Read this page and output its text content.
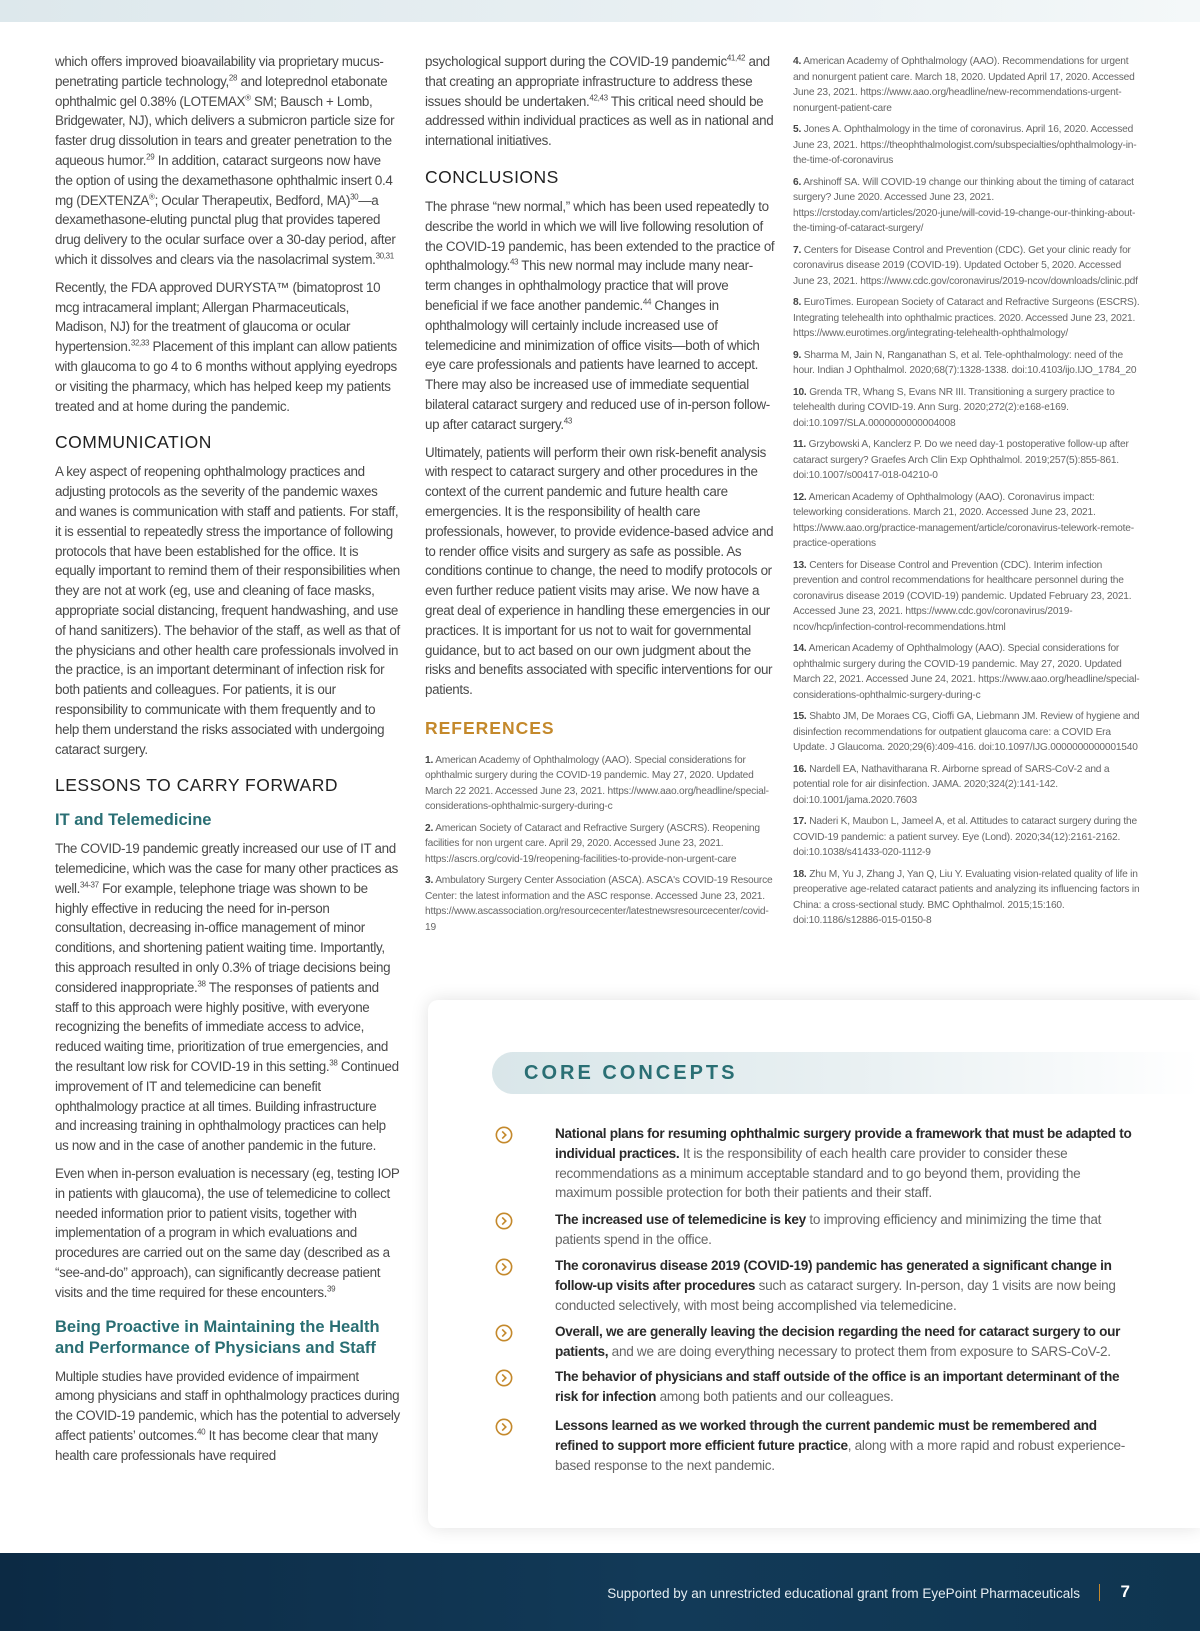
which offers improved bioavailability via proprietary mucus-penetrating particle technology,$^{28}$ and loteprednol etabonate ophthalmic gel 0.38% (LOTEMAX® SM; Bausch + Lomb, Bridgewater, NJ), which delivers a submicron particle size for faster drug dissolution in tears and greater penetration to the aqueous humor.$^{29}$ In addition, cataract surgeons now have the option of using the dexamethasone ophthalmic insert 0.4 mg (DEXTENZA®; Ocular Therapeutix, Bedford, MA)$^{30}$—a dexamethasone-eluting punctal plug that provides tapered drug delivery to the ocular surface over a 30-day period, after which it dissolves and clears via the nasolacrimal system.$^{30,31}$

Recently, the FDA approved DURYSTA™ (bimatoprost 10 mcg intracameral implant; Allergan Pharmaceuticals, Madison, NJ) for the treatment of glaucoma or ocular hypertension.$^{32,33}$ Placement of this implant can allow patients with glaucoma to go 4 to 6 months without applying eyedrops or visiting the pharmacy, which has helped keep my patients treated and at home during the pandemic.

COMMUNICATION

A key aspect of reopening ophthalmology practices and adjusting protocols as the severity of the pandemic waxes and wanes is communication with staff and patients. For staff, it is essential to repeatedly stress the importance of following protocols that have been established for the office. It is equally important to remind them of their responsibilities when they are not at work (eg, use and cleaning of face masks, appropriate social distancing, frequent handwashing, and use of hand sanitizers). The behavior of the staff, as well as that of the physicians and other health care professionals involved in the practice, is an important determinant of infection risk for both patients and colleagues. For patients, it is our responsibility to communicate with them frequently and to help them understand the risks associated with undergoing cataract surgery.

LESSONS TO CARRY FORWARD
IT and Telemedicine

The COVID-19 pandemic greatly increased our use of IT and telemedicine, which was the case for many other practices as well.$^{34-37}$ For example, telephone triage was shown to be highly effective in reducing the need for in-person consultation, decreasing in-office management of minor conditions, and shortening patient waiting time. Importantly, this approach resulted in only 0.3% of triage decisions being considered inappropriate.$^{38}$ The responses of patients and staff to this approach were highly positive, with everyone recognizing the benefits of immediate access to advice, reduced waiting time, prioritization of true emergencies, and the resultant low risk for COVID-19 in this setting.$^{38}$ Continued improvement of IT and telemedicine can benefit ophthalmology practice at all times. Building infrastructure and increasing training in ophthalmology practices can help us now and in the case of another pandemic in the future.

Even when in-person evaluation is necessary (eg, testing IOP in patients with glaucoma), the use of telemedicine to collect needed information prior to patient visits, together with implementation of a program in which evaluations and procedures are carried out on the same day (described as a “see-and-do” approach), can significantly decrease patient visits and the time required for these encounters.$^{39}$

Being Proactive in Maintaining the Health and Performance of Physicians and Staff

Multiple studies have provided evidence of impairment among physicians and staff in ophthalmology practices during the COVID-19 pandemic, which has the potential to adversely affect patients’ outcomes.$^{40}$ It has become clear that many health care professionals have required

psychological support during the COVID-19 pandemic$^{41,42}$ and that creating an appropriate infrastructure to address these issues should be undertaken.$^{42,43}$ This critical need should be addressed within individual practices as well as in national and international initiatives.

CONCLUSIONS

The phrase “new normal,” which has been used repeatedly to describe the world in which we will live following resolution of the COVID-19 pandemic, has been extended to the practice of ophthalmology.$^{43}$ This new normal may include many near-term changes in ophthalmology practice that will prove beneficial if we face another pandemic.$^{44}$ Changes in ophthalmology will certainly include increased use of telemedicine and minimization of office visits—both of which eye care professionals and patients have learned to accept. There may also be increased use of immediate sequential bilateral cataract surgery and reduced use of in-person follow-up after cataract surgery.$^{43}$

Ultimately, patients will perform their own risk-benefit analysis with respect to cataract surgery and other procedures in the context of the current pandemic and future health care emergencies. It is the responsibility of health care professionals, however, to provide evidence-based advice and to render office visits and surgery as safe as possible. As conditions continue to change, the need to modify protocols or even further reduce patient visits may arise. We now have a great deal of experience in handling these emergencies in our practices. It is important for us not to wait for governmental guidance, but to act based on our own judgment about the risks and benefits associated with specific interventions for our patients.

REFERENCES

1. American Academy of Ophthalmology (AAO). Special considerations for ophthalmic surgery during the COVID-19 pandemic. May 27, 2020. Updated March 22 2021. Accessed June 23, 2021. https://www.aao.org/headline/special-considerations-ophthalmic-surgery-during-c

2. American Society of Cataract and Refractive Surgery (ASCRS). Reopening facilities for non urgent care. April 29, 2020. Accessed June 23, 2021. https://ascrs.org/covid-19/reopening-facilities-to-provide-non-urgent-care

3. Ambulatory Surgery Center Association (ASCA). ASCA's COVID-19 Resource Center: the latest information and the ASC response. Accessed June 23, 2021. https://www.ascassociation.org/resourcecenter/latestnewsresourcecenter/covid-19

4. American Academy of Ophthalmology (AAO). Recommendations for urgent and nonurgent patient care. March 18, 2020. Updated April 17, 2020. Accessed June 23, 2021. https://www.aao.org/headline/new-recommendations-urgent-nonurgent-patient-care

5. Jones A. Ophthalmology in the time of coronavirus. April 16, 2020. Accessed June 23, 2021. https://theophthalmologist.com/subspecialties/ophthalmology-in-the-time-of-coronavirus

6. Arshinoff SA. Will COVID-19 change our thinking about the timing of cataract surgery? June 2020. Accessed June 23, 2021. https://crstoday.com/articles/2020-june/will-covid-19-change-our-thinking-about-the-timing-of-cataract-surgery/

7. Centers for Disease Control and Prevention (CDC). Get your clinic ready for coronavirus disease 2019 (COVID-19). Updated October 5, 2020. Accessed June 23, 2021. https://www.cdc.gov/coronavirus/2019-ncov/downloads/clinic.pdf

8. EuroTimes. European Society of Cataract and Refractive Surgeons (ESCRS). Integrating telehealth into ophthalmic practices. 2020. Accessed June 23, 2021. https://www.eurotimes.org/integrating-telehealth-ophthalmology/

9. Sharma M, Jain N, Ranganathan S, et al. Tele-ophthalmology: need of the hour. Indian J Ophthalmol. 2020;68(7):1328-1338. doi:10.4103/ijo.IJO_1784_20

10. Grenda TR, Whang S, Evans NR III. Transitioning a surgery practice to telehealth during COVID-19. Ann Surg. 2020;272(2):e168-e169. doi:10.1097/SLA.0000000000004008

11. Grzybowski A, Kanclerz P. Do we need day-1 postoperative follow-up after cataract surgery? Graefes Arch Clin Exp Ophthalmol. 2019;257(5):855-861. doi:10.1007/s00417-018-04210-0

12. American Academy of Ophthalmology (AAO). Coronavirus impact: teleworking considerations. March 21, 2020. Accessed June 23, 2021. https://www.aao.org/practice-management/article/coronavirus-telework-remote-practice-operations

13. Centers for Disease Control and Prevention (CDC). Interim infection prevention and control recommendations for healthcare personnel during the coronavirus disease 2019 (COVID-19) pandemic. Updated February 23, 2021. Accessed June 23, 2021. https://www.cdc.gov/coronavirus/2019-ncov/hcp/infection-control-recommendations.html

14. American Academy of Ophthalmology (AAO). Special considerations for ophthalmic surgery during the COVID-19 pandemic. May 27, 2020. Updated March 22, 2021. Accessed June 24, 2021. https://www.aao.org/headline/special-considerations-ophthalmic-surgery-during-c

15. Shabto JM, De Moraes CG, Cioffi GA, Liebmann JM. Review of hygiene and disinfection recommendations for outpatient glaucoma care: a COVID Era Update. J Glaucoma. 2020;29(6):409-416. doi:10.1097/IJG.0000000000001540

16. Nardell EA, Nathavitharana R. Airborne spread of SARS-CoV-2 and a potential role for air disinfection. JAMA. 2020;324(2):141-142. doi:10.1001/jama.2020.7603

17. Naderi K, Maubon L, Jameel A, et al. Attitudes to cataract surgery during the COVID-19 pandemic: a patient survey. Eye (Lond). 2020;34(12):2161-2162. doi:10.1038/s41433-020-1112-9

18. Zhu M, Yu J, Zhang J, Yan Q, Liu Y. Evaluating vision-related quality of life in preoperative age-related cataract patients and analyzing its influencing factors in China: a cross-sectional study. BMC Ophthalmol. 2015;15:160. doi:10.1186/s12886-015-0150-8

CORE CONCEPTS
National plans for resuming ophthalmic surgery provide a framework that must be adapted to individual practices. It is the responsibility of each health care provider to consider these recommendations as a minimum acceptable standard and to go beyond them, providing the maximum possible protection for both their patients and their staff.
The increased use of telemedicine is key to improving efficiency and minimizing the time that patients spend in the office.
The coronavirus disease 2019 (COVID-19) pandemic has generated a significant change in follow-up visits after procedures such as cataract surgery. In-person, day 1 visits are now being conducted selectively, with most being accomplished via telemedicine.
Overall, we are generally leaving the decision regarding the need for cataract surgery to our patients, and we are doing everything necessary to protect them from exposure to SARS-CoV-2.
The behavior of physicians and staff outside of the office is an important determinant of the risk for infection among both patients and our colleagues.
Lessons learned as we worked through the current pandemic must be remembered and refined to support more efficient future practice, along with a more rapid and robust experience-based response to the next pandemic.
Supported by an unrestricted educational grant from EyePoint Pharmaceuticals 7
